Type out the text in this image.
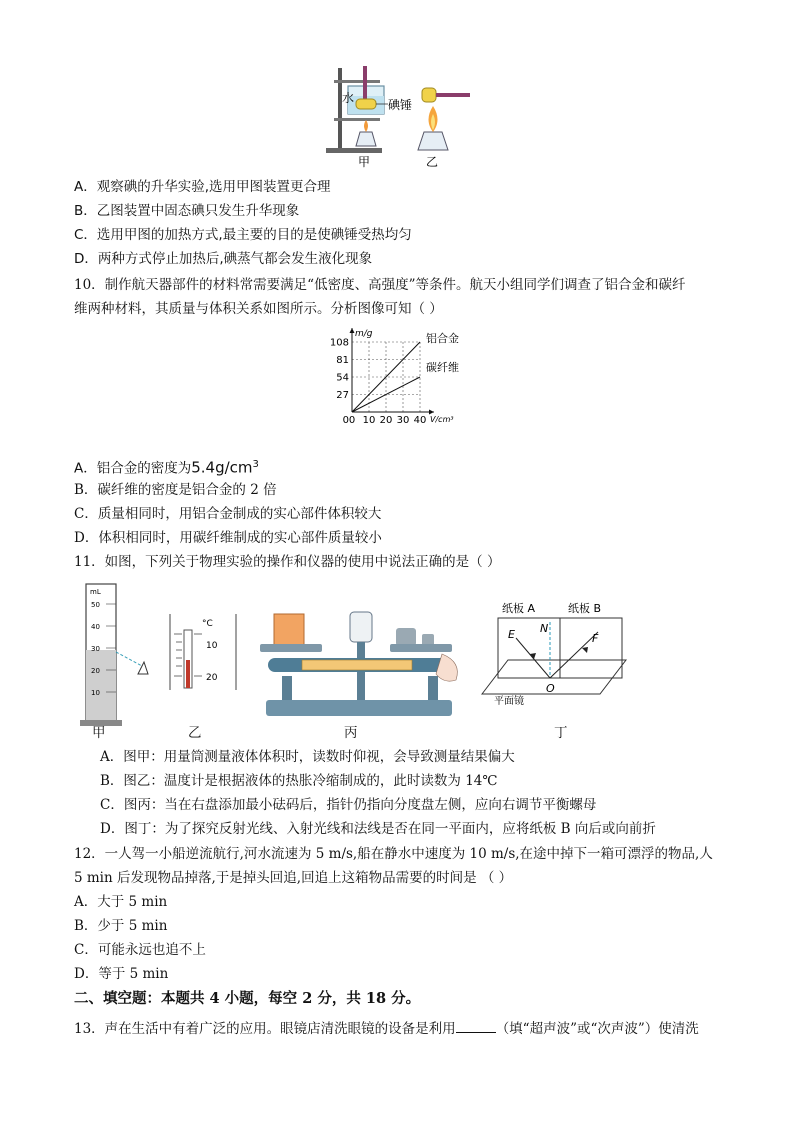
水	碘锤
甲	乙
A．观察碘的升华实验,选用甲图装置更合理
B．乙图装置中固态碘只发生升华现象
C．选用甲图的加热方式,最主要的目的是使碘锤受热均匀
D．两种方式停止加热后,碘蒸气都会发生液化现象
10．制作航天器部件的材料常需要满足“低密度、高强度”等条件。航天小组同学们调查了铝合金和碳纤
维两种材料，其质量与体积关系如图所示。分析图像可知（ ）
0 10 20 30 40
27
54
81
108
0
m/g
V/cm³
铝合金
碳纤维
A．铝合金的密度为$5.4g/cm^3$
B．碳纤维的密度是铝合金的 2 倍
C．质量相同时，用铝合金制成的实心部件体积较大
D．体积相同时，用碳纤维制成的实心部件质量较小
11．如图，下列关于物理实验的操作和仪器的使用中说法正确的是（ ）
mL
50
40
30
20
10
甲
°C
10
20
乙	丙
纸板 A	纸板 B
E N
F
O
平面镜
丁
A．图甲：用量筒测量液体体积时，读数时仰视，会导致测量结果偏大
B．图乙：温度计是根据液体的热胀冷缩制成的，此时读数为 14℃
C．图丙：当在右盘添加最小砝码后，指针仍指向分度盘左侧，应向右调节平衡螺母
D．图丁：为了探究反射光线、入射光线和法线是否在同一平面内，应将纸板 B 向后或向前折
12．一人驾一小船逆流航行,河水流速为 5 m/s,船在静水中速度为 10 m/s,在途中掉下一箱可漂浮的物品,人
5 min 后发现物品掉落,于是掉头回追,回追上这箱物品需要的时间是 （ ）
A．大于 5 min
B．少于 5 min
C．可能永远也追不上
D．等于 5 min
二、填空题：本题共 4 小题，每空 2 分，共 18 分。
13．声在生活中有着广泛的应用。眼镜店清洗眼镜的设备是利用	（填“超声波”或“次声波”）使清洗
